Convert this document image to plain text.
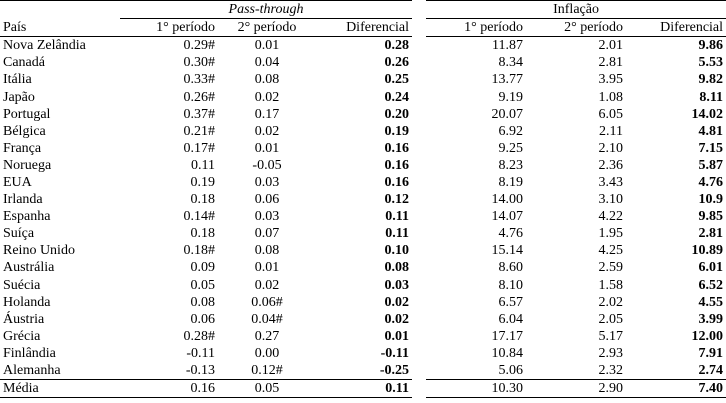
	Pass-through				Inflação		
País	1° período	2° período	Diferencial		1° período	2° período	Diferencial
Nova Zelândia	0.29#	0.01	0.28		11.87	2.01	9.86
Canadá	0.30#	0.04	0.26		8.34	2.81	5.53
Itália	0.33#	0.08	0.25		13.77	3.95	9.82
Japão	0.26#	0.02	0.24		9.19	1.08	8.11
Portugal	0.37#	0.17	0.20		20.07	6.05	14.02
Bélgica	0.21#	0.02	0.19		6.92	2.11	4.81
França	0.17#	0.01	0.16		9.25	2.10	7.15
Noruega	0.11	-0.05	0.16		8.23	2.36	5.87
EUA	0.19	0.03	0.16		8.19	3.43	4.76
Irlanda	0.18	0.06	0.12		14.00	3.10	10.9
Espanha	0.14#	0.03	0.11		14.07	4.22	9.85
Suíça	0.18	0.07	0.11		4.76	1.95	2.81
Reino Unido	0.18#	0.08	0.10		15.14	4.25	10.89
Austrália	0.09	0.01	0.08		8.60	2.59	6.01
Suécia	0.05	0.02	0.03		8.10	1.58	6.52
Holanda	0.08	0.06#	0.02		6.57	2.02	4.55
Áustria	0.06	0.04#	0.02		6.04	2.05	3.99
Grécia	0.28#	0.27	0.01		17.17	5.17	12.00
Finlândia	-0.11	0.00	-0.11		10.84	2.93	7.91
Alemanha	-0.13	0.12#	-0.25		5.06	2.32	2.74
Média	0.16	0.05	0.11		10.30	2.90	7.40
